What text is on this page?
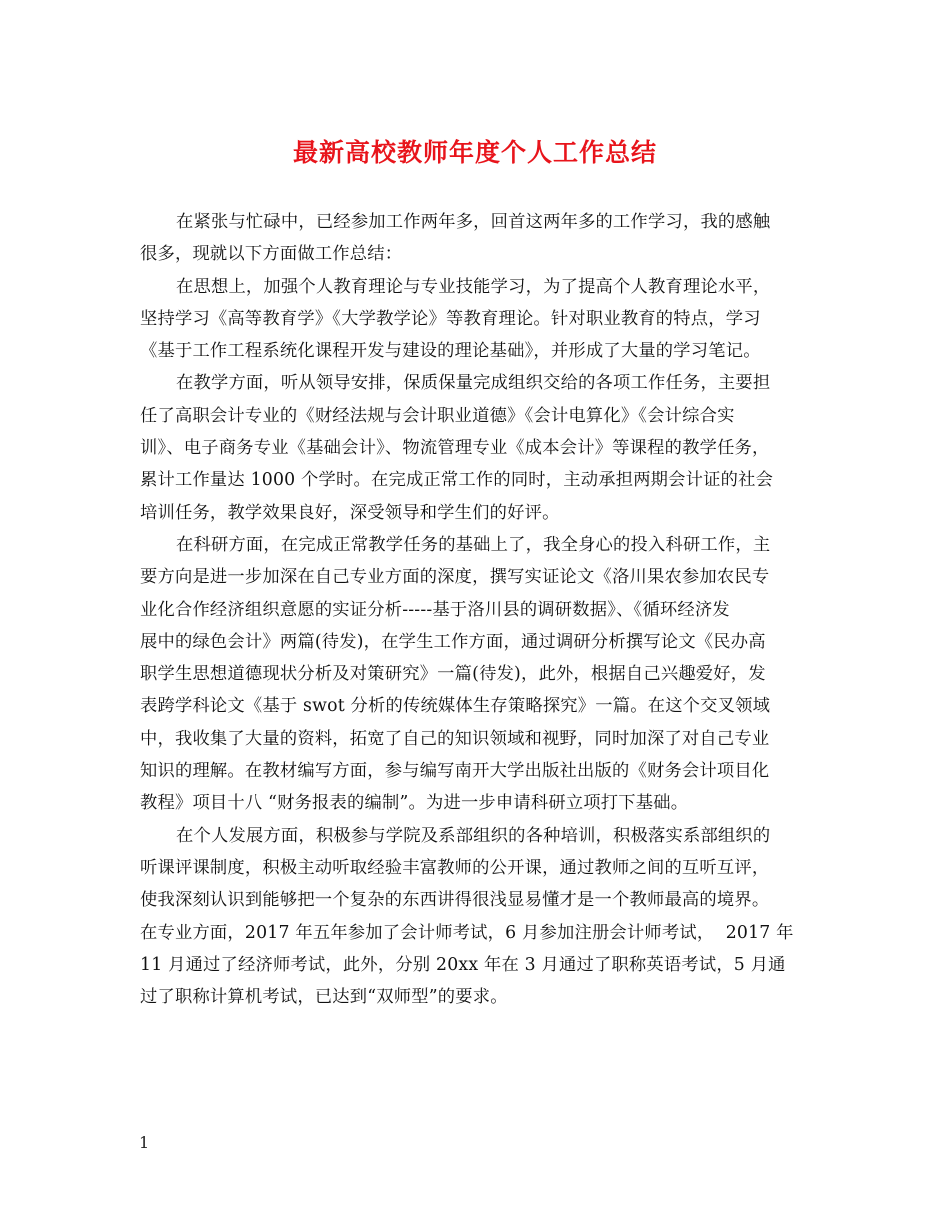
最新高校教师年度个人工作总结
在紧张与忙碌中，已经参加工作两年多，回首这两年多的工作学习，我的感触
很多，现就以下方面做工作总结：
在思想上，加强个人教育理论与专业技能学习，为了提高个人教育理论水平，
坚持学习《高等教育学》《大学教学论》等教育理论。针对职业教育的特点，学习
《基于工作工程系统化课程开发与建设的理论基础》，并形成了大量的学习笔记。
在教学方面，听从领导安排，保质保量完成组织交给的各项工作任务，主要担
任了高职会计专业的《财经法规与会计职业道德》《会计电算化》《会计综合实
训》、电子商务专业《基础会计》、物流管理专业《成本会计》等课程的教学任务，
累计工作量达 1000 个学时。在完成正常工作的同时，主动承担两期会计证的社会
培训任务，教学效果良好，深受领导和学生们的好评。
在科研方面，在完成正常教学任务的基础上了，我全身心的投入科研工作，主
要方向是进一步加深在自己专业方面的深度，撰写实证论文《洛川果农参加农民专
业化合作经济组织意愿的实证分析-----基于洛川县的调研数据》、《循环经济发
展中的绿色会计》两篇(待发)，在学生工作方面，通过调研分析撰写论文《民办高
职学生思想道德现状分析及对策研究》一篇(待发)，此外，根据自己兴趣爱好，发
表跨学科论文《基于 swot 分析的传统媒体生存策略探究》一篇。在这个交叉领域
中，我收集了大量的资料，拓宽了自己的知识领域和视野，同时加深了对自己专业
知识的理解。在教材编写方面，参与编写南开大学出版社出版的《财务会计项目化
教程》项目十八 “财务报表的编制”。为进一步申请科研立项打下基础。
在个人发展方面，积极参与学院及系部组织的各种培训，积极落实系部组织的
听课评课制度，积极主动听取经验丰富教师的公开课，通过教师之间的互听互评，
使我深刻认识到能够把一个复杂的东西讲得很浅显易懂才是一个教师最高的境界。
在专业方面，2017 年五年参加了会计师考试，6 月参加注册会计师考试，  2017 年
11 月通过了经济师考试，此外，分别 20xx 年在 3 月通过了职称英语考试，5 月通
过了职称计算机考试，已达到“双师型”的要求。
1
